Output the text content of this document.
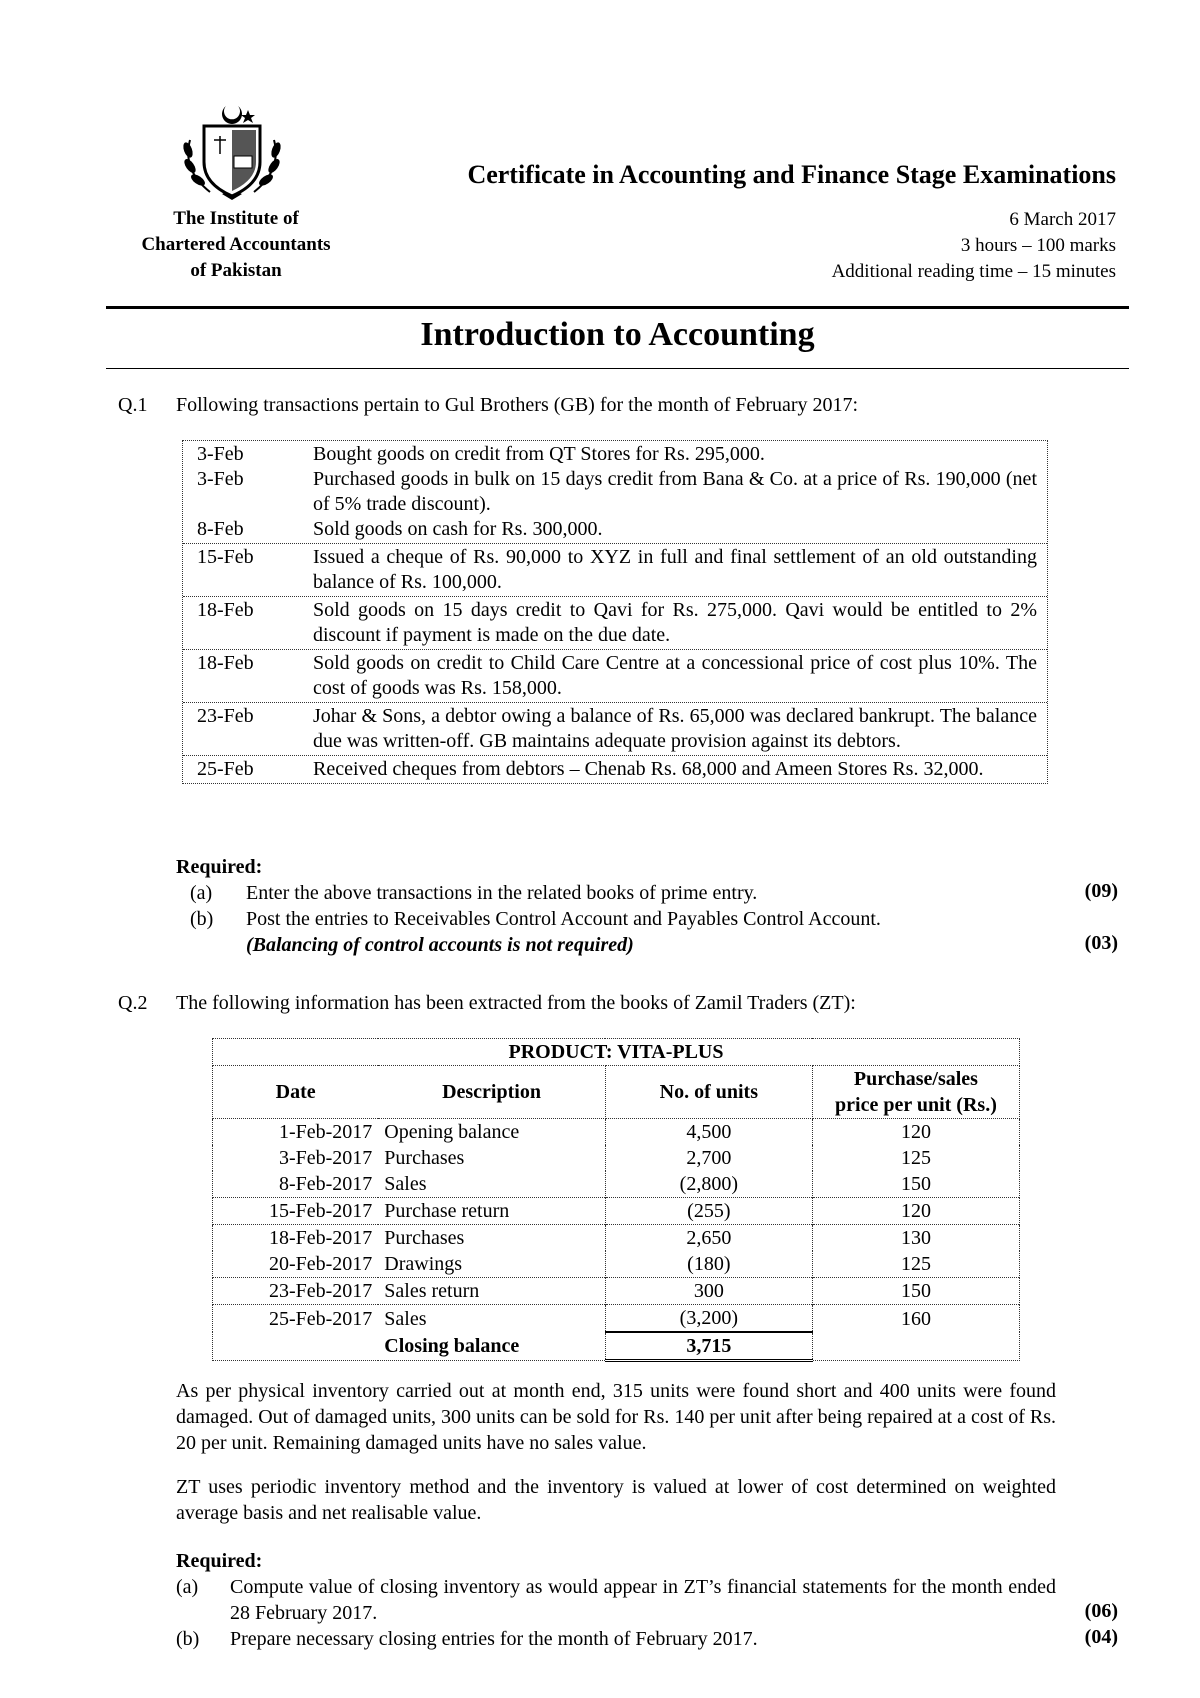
The Institute of
Chartered Accountants
of Pakistan
Certificate in Accounting and Finance Stage Examinations
6 March 2017
3 hours – 100 marks
Additional reading time – 15 minutes
Introduction to Accounting
Q.1 Following transactions pertain to Gul Brothers (GB) for the month of February 2017:
3-Feb	Bought goods on credit from QT Stores for Rs. 295,000.
3-Feb	Purchased goods in bulk on 15 days credit from Bana & Co. at a price of Rs. 190,000 (net of 5% trade discount).
8-Feb	Sold goods on cash for Rs. 300,000.
15-Feb	Issued a cheque of Rs. 90,000 to XYZ in full and final settlement of an old outstanding balance of Rs. 100,000.
18-Feb	Sold goods on 15 days credit to Qavi for Rs. 275,000. Qavi would be entitled to 2% discount if payment is made on the due date.
18-Feb	Sold goods on credit to Child Care Centre at a concessional price of cost plus 10%. The cost of goods was Rs. 158,000.
23-Feb	Johar & Sons, a debtor owing a balance of Rs. 65,000 was declared bankrupt. The balance due was written-off. GB maintains adequate provision against its debtors.
25-Feb	Received cheques from debtors – Chenab Rs. 68,000 and Ameen Stores Rs. 32,000.
Required:
(a) Enter the above transactions in the related books of prime entry.	(09)
(b) Post the entries to Receivables Control Account and Payables Control Account.
(Balancing of control accounts is not required)	(03)
Q.2 The following information has been extracted from the books of Zamil Traders (ZT):
PRODUCT: VITA-PLUS			
Date	Description	No. of units	Purchase/sales
price per unit (Rs.)

1-Feb-2017	Opening balance	4,500	120
3-Feb-2017	Purchases	2,700	125
8-Feb-2017	Sales	(2,800)	150
15-Feb-2017	Purchase return	(255)	120
18-Feb-2017	Purchases	2,650	130
20-Feb-2017	Drawings	(180)	125
23-Feb-2017	Sales return	300	150
25-Feb-2017	Sales	(3,200)	160
	Closing balance	3,715	
As per physical inventory carried out at month end, 315 units were found short and 400 units were found damaged. Out of damaged units, 300 units can be sold for Rs. 140 per unit after being repaired at a cost of Rs. 20 per unit. Remaining damaged units have no sales value.
ZT uses periodic inventory method and the inventory is valued at lower of cost determined on weighted average basis and net realisable value.
Required:
(a) Compute value of closing inventory as would appear in ZT’s financial statements for the month ended 28 February 2017.	(06)
(b) Prepare necessary closing entries for the month of February 2017.	(04)
